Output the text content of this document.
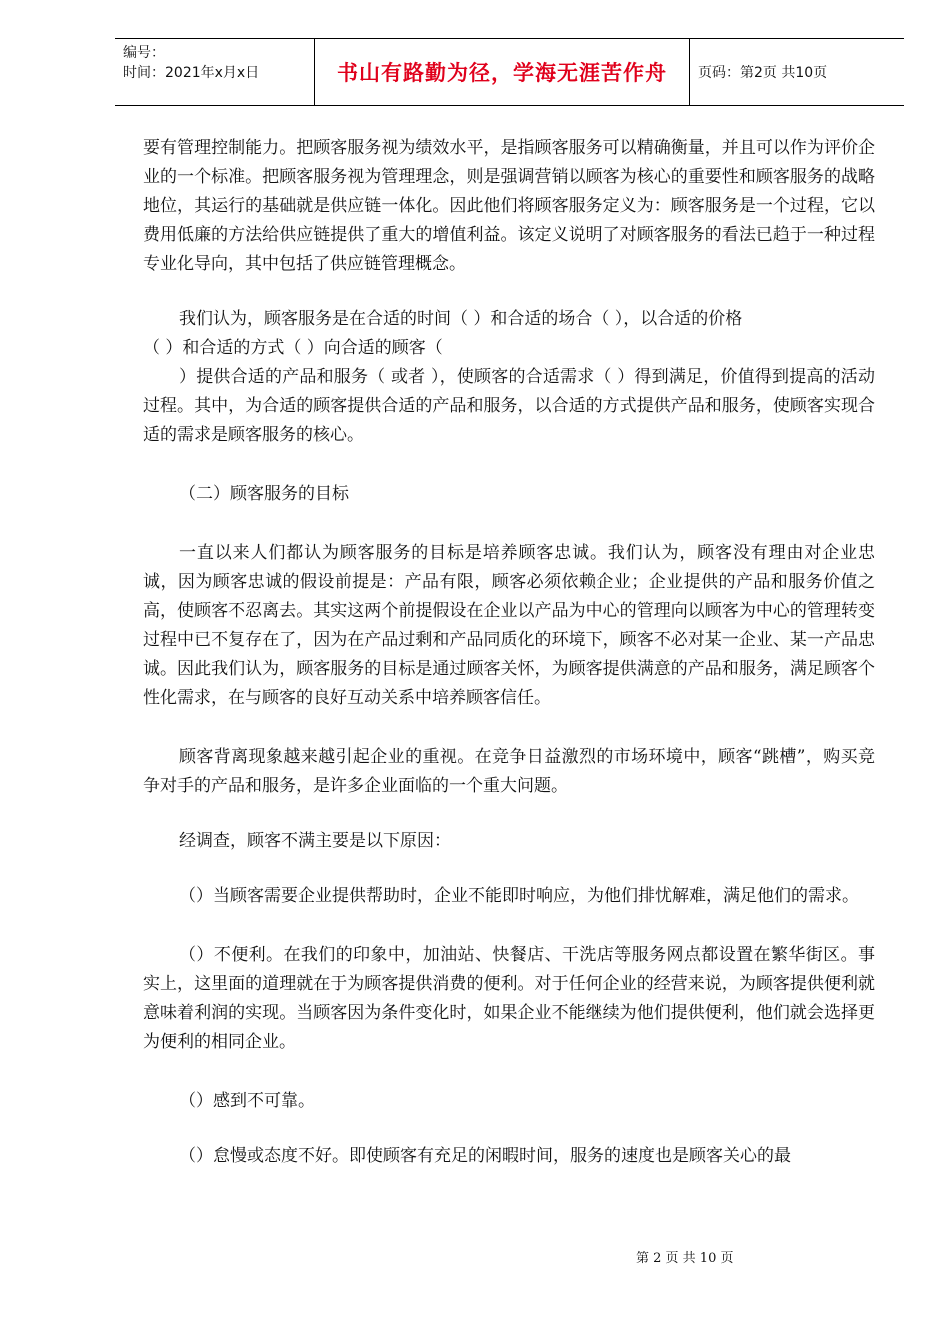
编号：
时间：2021年x月x日	书山有路勤为径，学海无涯苦作舟 页码：第2页 共10页

要有管理控制能力。把顾客服务视为绩效水平，是指顾客服务可以精确衡量，并且可以作为评价企业的一个标准。把顾客服务视为管理理念，则是强调营销以顾客为核心的重要性和顾客服务的战略地位，其运行的基础就是供应链一体化。因此他们将顾客服务定义为：顾客服务是一个过程，它以费用低廉的方法给供应链提供了重大的增值利益。该定义说明了对顾客服务的看法已趋于一种过程专业化导向，其中包括了供应链管理概念。

我们认为，顾客服务是在合适的时间（ ）和合适的场合（ ），以合适的价格

（ ）和合适的方式（ ）向合适的顾客（

）提供合适的产品和服务（ 或者 ），使顾客的合适需求（ ）得到满足，价值得到提高的活动过程。其中，为合适的顾客提供合适的产品和服务，以合适的方式提供产品和服务，使顾客实现合适的需求是顾客服务的核心。

（二）顾客服务的目标

一直以来人们都认为顾客服务的目标是培养顾客忠诚。我们认为，顾客没有理由对企业忠诚，因为顾客忠诚的假设前提是：产品有限，顾客必须依赖企业；企业提供的产品和服务价值之高，使顾客不忍离去。其实这两个前提假设在企业以产品为中心的管理向以顾客为中心的管理转变过程中已不复存在了，因为在产品过剩和产品同质化的环境下，顾客不必对某一企业、某一产品忠诚。因此我们认为，顾客服务的目标是通过顾客关怀，为顾客提供满意的产品和服务，满足顾客个性化需求，在与顾客的良好互动关系中培养顾客信任。

顾客背离现象越来越引起企业的重视。在竞争日益激烈的市场环境中，顾客“跳槽”，购买竞争对手的产品和服务，是许多企业面临的一个重大问题。

经调查，顾客不满主要是以下原因：

（）当顾客需要企业提供帮助时，企业不能即时响应，为他们排忧解难，满足他们的需求。

（）不便利。在我们的印象中，加油站、快餐店、干洗店等服务网点都设置在繁华街区。事实上，这里面的道理就在于为顾客提供消费的便利。对于任何企业的经营来说，为顾客提供便利就意味着利润的实现。当顾客因为条件变化时，如果企业不能继续为他们提供便利，他们就会选择更为便利的相同企业。

（）感到不可靠。

（）怠慢或态度不好。即使顾客有充足的闲暇时间，服务的速度也是顾客关心的最

第 2 页 共 10 页
